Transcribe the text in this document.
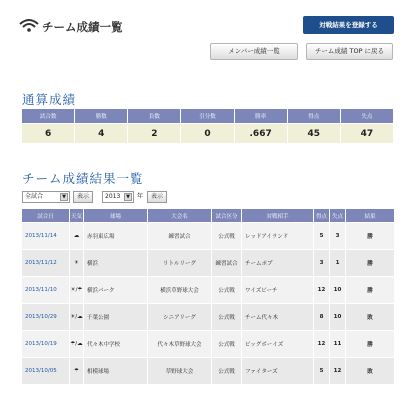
チーム成績一覧	対戦結果を登録する
メンバー成績一覧	チーム成績 TOP に戻る
通算成績
試合数	勝数	負数	引分数	勝率	得点	失点
6	4	2	0	.667	45	47
チーム成績結果一覧
全試合	▼	表示	2013	▼	年	表示
試合日	天気	球場	大会名	試合区分	対戦相手	得点	失点	結果
2013/11/14	☁	赤羽東広場	練習試合	公式戦	レッドアイランド	5	3	勝
2013/11/12	☀	横浜	リトルリーグ	練習試合	チームポプ	3	1	勝
2013/11/10	☀/☂	横浜パーク	横浜草野球大会	公式戦	ワイズビーチ	12	10	勝
2013/10/29	☀/☁	千葉公園	シニアリーグ	公式戦	チーム代々木	8	10	敗
2013/10/19	☂/☁	代々木中学校	代々木草野球大会	公式戦	ビッグボーイズ	12	11	勝
2013/10/05	☂	相模球場	草野球大会	公式戦	ファイターズ	5	12	敗
